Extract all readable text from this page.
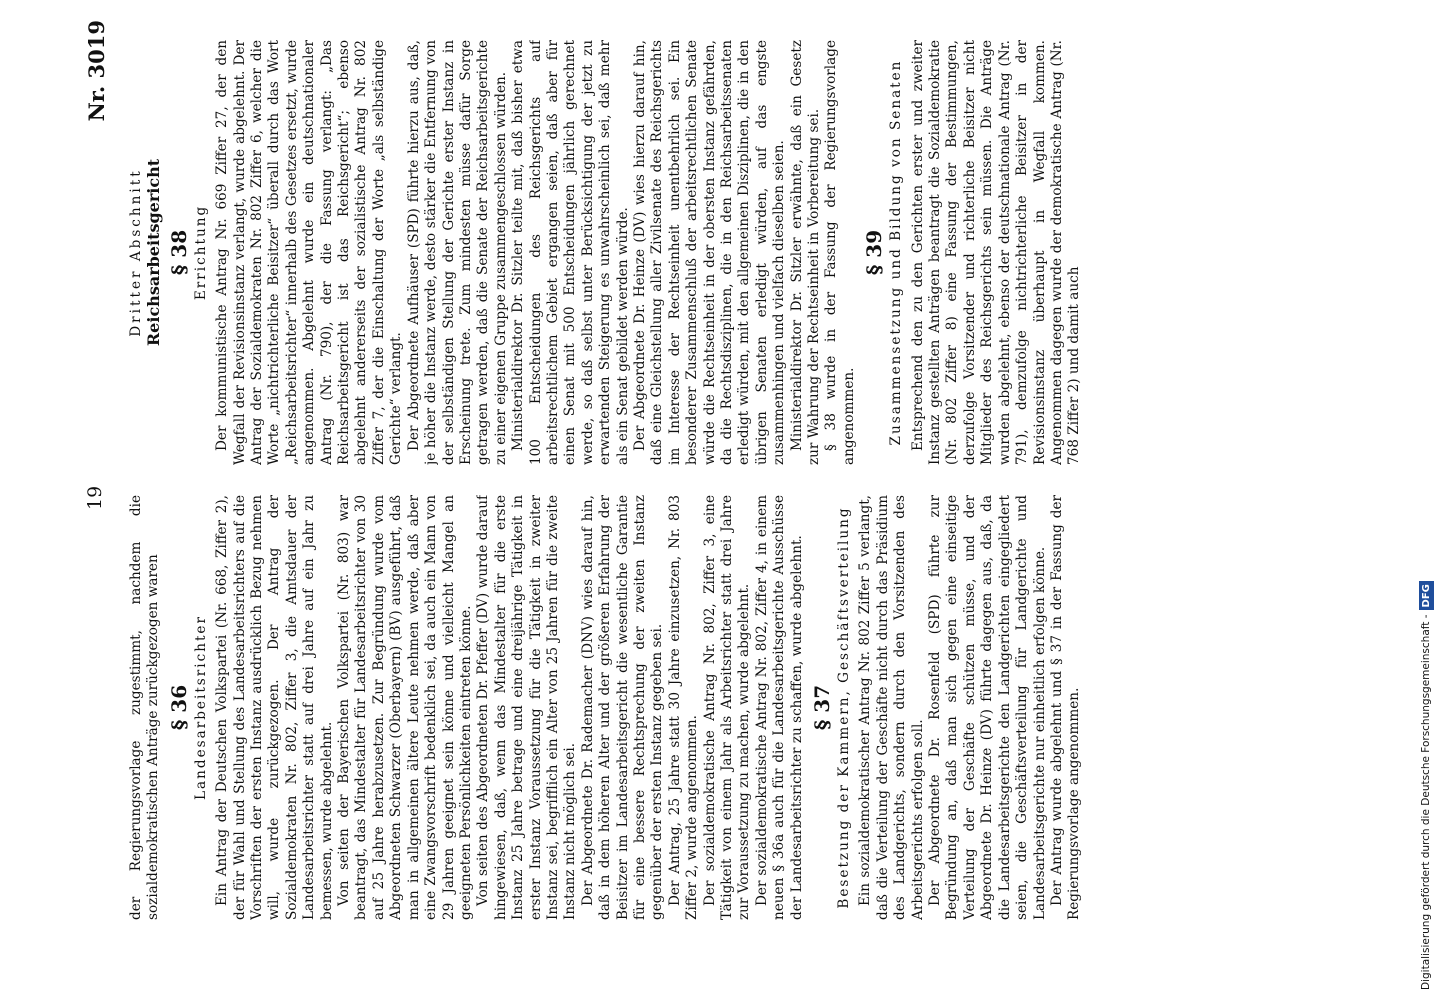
19
Nr. 3019

der Regierungsvorlage zugestimmt, nachdem die sozialdemokratischen Anträge zurückgezogen waren § 36 Landesarbeitsrichter Ein Antrag der Deutschen Volkspartei (Nr. 668, Ziffer 2), der für Wahl und Stellung des Landesarbeitsrichters auf die Vorschriften der ersten Instanz ausdrücklich Bezug nehmen will, wurde zurückgezogen. Der Antrag der Sozialdemokraten Nr. 802, Ziffer 3, die Amtsdauer der Landesarbeitsrichter statt auf drei Jahre auf ein Jahr zu bemessen, wurde abgelehnt. Von seiten der Bayerischen Volkspartei (Nr. 803) war beantragt, das Mindestalter für Landesarbeitsrichter von 30 auf 25 Jahre herabzusetzen. Zur Begründung wurde vom Abgeordneten Schwarzer (Oberbayern) (BV) ausgeführt, daß man in allgemeinen ältere Leute nehmen werde, daß aber eine Zwangsvorschrift bedenklich sei, da auch ein Mann von 29 Jahren geeignet sein könne und vielleicht Mangel an geeigneten Persönlichkeiten eintreten könne. Von seiten des Abgeordneten Dr. Pfeffer (DV) wurde darauf hingewiesen, daß, wenn das Mindestalter für die erste Instanz 25 Jahre betrage und eine dreijährige Tätigkeit in erster Instanz Voraussetzung für die Tätigkeit in zweiter Instanz sei, begrifflich ein Alter von 25 Jahren für die zweite Instanz nicht möglich sei. Der Abgeordnete Dr. Rademacher (DNV) wies darauf hin, daß in dem höheren Alter und der größeren Erfahrung der Beisitzer im Landesarbeitsgericht die wesentliche Garantie für eine bessere Rechtsprechung der zweiten Instanz gegenüber der ersten Instanz gegeben sei. Der Antrag, 25 Jahre statt 30 Jahre einzusetzen, Nr. 803 Ziffer 2, wurde angenommen. Der sozialdemokratische Antrag Nr. 802, Ziffer 3, eine Tätigkeit von einem Jahr als Arbeitsrichter statt drei Jahre zur Voraussetzung zu machen, wurde abgelehnt. Der sozialdemokratische Antrag Nr. 802, Ziffer 4, in einem neuen § 36a auch für die Landesarbeitsgerichte Ausschüsse der Landesarbeitsrichter zu schaffen, wurde abgelehnt. § 37 Besetzung der Kammern, Geschäftsverteilung Ein sozialdemokratischer Antrag Nr. 802 Ziffer 5 verlangt, daß die Verteilung der Geschäfte nicht durch das Präsidium des Landgerichts, sondern durch den Vorsitzenden des Arbeitsgerichts erfolgen soll. Der Abgeordnete Dr. Rosenfeld (SPD) führte zur Begründung an, daß man sich gegen eine einseitige Verteilung der Geschäfte schützen müsse, und der Abgeordnete Dr. Heinze (DV) führte dagegen aus, daß, da die Landesarbeitsgerichte den Landgerichten eingegliedert seien, die Geschäftsverteilung für Landgerichte und Landesarbeitsgerichte nur einheitlich erfolgen könne. Der Antrag wurde abgelehnt und § 37 in der Fassung der Regierungsvorlage angenommen.

Dritter Abschnitt Reichsarbeitsgericht § 38 Errichtung Der kommunistische Antrag Nr. 669 Ziffer 27, der den Wegfall der Revisionsinstanz verlangt, wurde abgelehnt. Der Antrag der Sozialdemokraten Nr. 802 Ziffer 6, welcher die Worte „nichtrichterliche Beisitzer“ überall durch das Wort „Reichsarbeitsrichter“ innerhalb des Gesetzes ersetzt, wurde angenommen. Abgelehnt wurde ein deutschnationaler Antrag (Nr. 790), der die Fassung verlangt: „Das Reichsarbeitsgericht ist das Reichsgericht“; ebenso abgelehnt andererseits der sozialistische Antrag Nr. 802 Ziffer 7, der die Einschaltung der Worte „als selbständige Gerichte“ verlangt. Der Abgeordnete Aufhäuser (SPD) führte hierzu aus, daß, je höher die Instanz werde, desto stärker die Entfernung von der selbständigen Stellung der Gerichte erster Instanz in Erscheinung trete. Zum mindesten müsse dafür Sorge getragen werden, daß die Senate der Reichsarbeitsgerichte zu einer eigenen Gruppe zusammengeschlossen würden. Ministerialdirektor Dr. Sitzler teilte mit, daß bisher etwa 100 Entscheidungen des Reichsgerichts auf arbeitsrechtlichem Gebiet ergangen seien, daß aber für einen Senat mit 500 Entscheidungen jährlich gerechnet werde, so daß selbst unter Berücksichtigung der jetzt zu erwartenden Steigerung es unwahrscheinlich sei, daß mehr als ein Senat gebildet werden würde. Der Abgeordnete Dr. Heinze (DV) wies hierzu darauf hin, daß eine Gleichstellung aller Zivilsenate des Reichsgerichts im Interesse der Rechtseinheit unentbehrlich sei. Ein besonderer Zusammenschluß der arbeitsrechtlichen Senate würde die Rechtseinheit in der obersten Instanz gefährden, da die Rechtsdisziplinen, die in den Reichsarbeitssenaten erledigt würden, mit den allgemeinen Disziplinen, die in den übrigen Senaten erledigt würden, auf das engste zusammenhingen und vielfach dieselben seien. Ministerialdirektor Dr. Sitzler erwähnte, daß ein Gesetz zur Wahrung der Rechtseinheit in Vorbereitung sei. § 38 wurde in der Fassung der Regierungsvorlage angenommen.

§ 39 Zusammensetzung und Bildung von Senaten Entsprechend den zu den Gerichten erster und zweiter Instanz gestellten Anträgen beantragt die Sozialdemokratie (Nr. 802 Ziffer 8) eine Fassung der Bestimmungen, derzufolge Vorsitzender und richterliche Beisitzer nicht Mitglieder des Reichsgerichts sein müssen. Die Anträge wurden abgelehnt, ebenso der deutschnationale Antrag (Nr. 791), demzufolge nichtrichterliche Beisitzer in der Revisionsinstanz überhaupt in Wegfall kommen. Angenommen dagegen wurde der demokratische Antrag (Nr. 768 Ziffer 2) und damit auch

Digitalisierung gefördert durch die Deutsche Forschungsgemeinschaft -DFG
